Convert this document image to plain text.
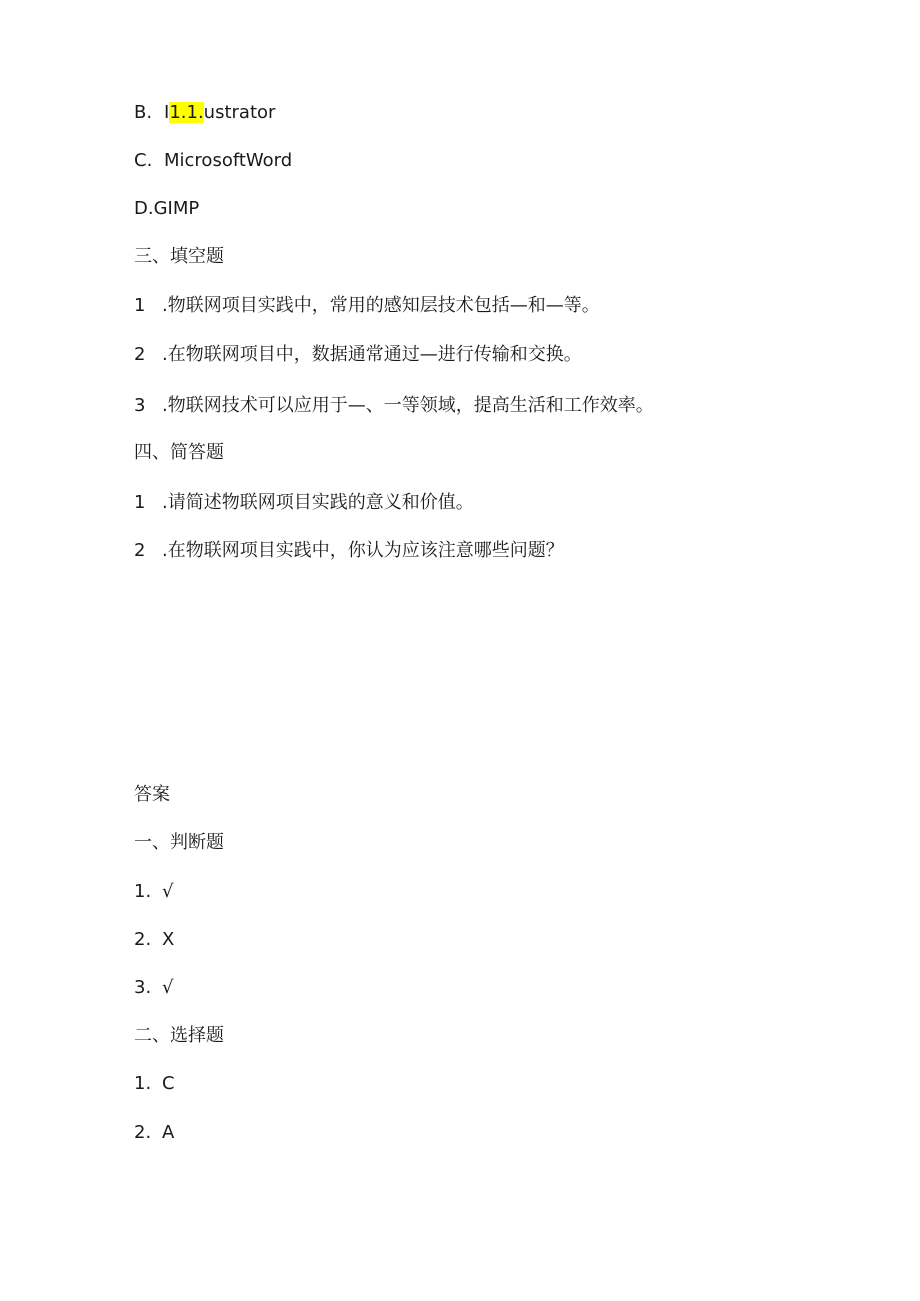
B. I1.1.ustrator
C. MicrosoftWord
D.GIMP
三、填空题
1 .物联网项目实践中，常用的感知层技术包括—和—等。
2 .在物联网项目中，数据通常通过—进行传输和交换。
3 .物联网技术可以应用于—、一等领域，提高生活和工作效率。
四、简答题
1 .请简述物联网项目实践的意义和价值。
2 .在物联网项目实践中，你认为应该注意哪些问题？
答案
一、判断题
1. √
2. X
3. √
二、选择题
1. C
2. A
